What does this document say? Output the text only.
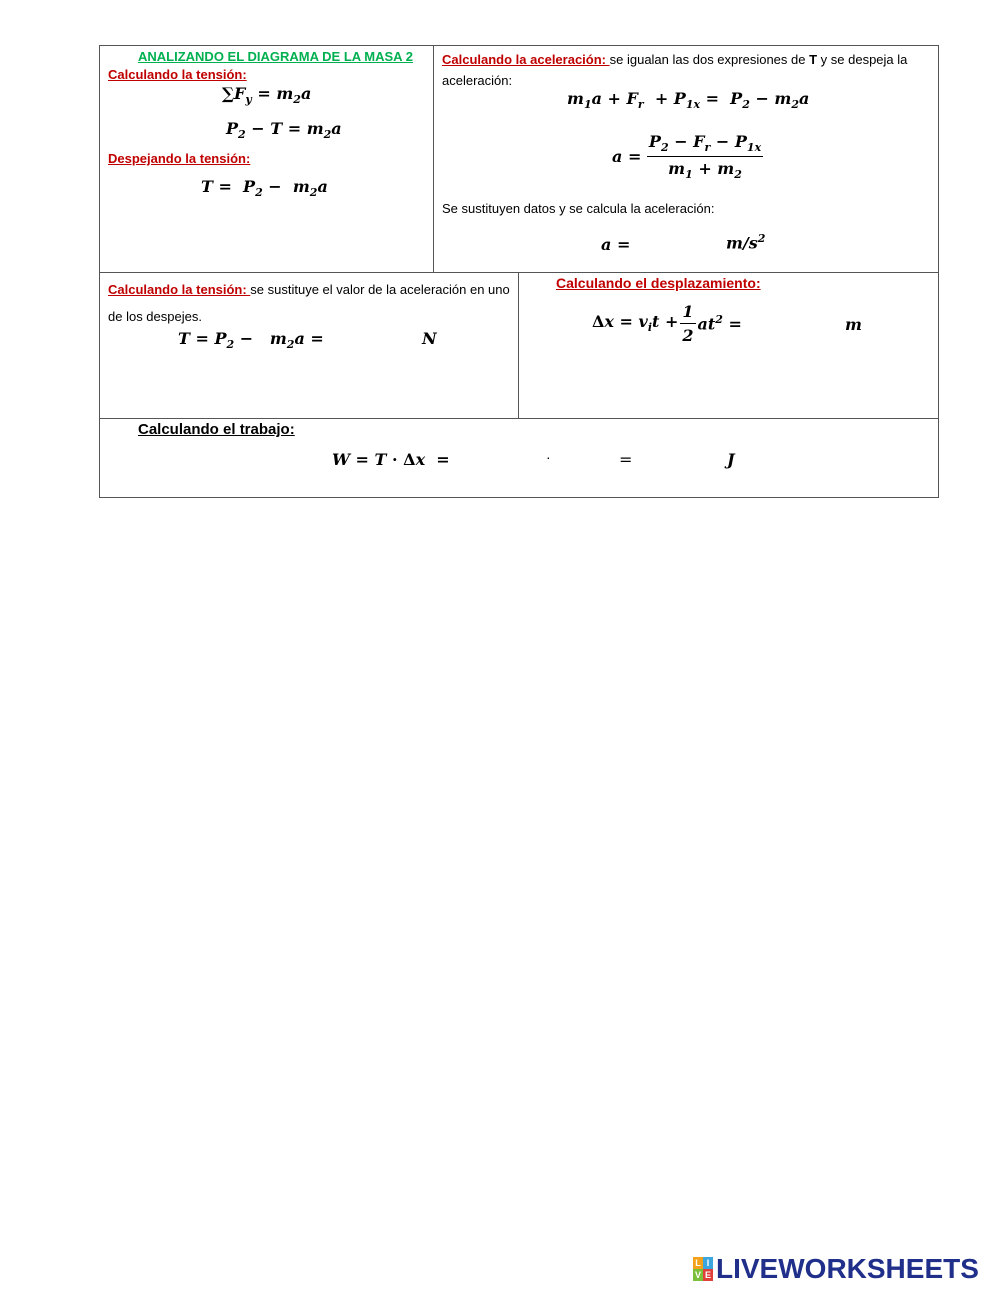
ANALIZANDO EL DIAGRAMA DE LA MASA 2
Calculando la tensión:
$\sum F_y = m_2a$
$P_2 - T = m_2a$
Despejando la tensión:
$T = P_2 - m_2a$
Calculando la aceleración: se igualan las dos expresiones de T y se despeja la
aceleración:
$m_1a + F_r + P_{1x} = P_2 - m_2a$
$a = \frac{P_2 - F_r - P_{1x}}{m_1 + m_2}$
Se sustituyen datos y se calcula la aceleración:
a =	$m/s^2$
Calculando la tensión: se sustituye el valor de la aceleración en uno
de los despejes.
$T = P_2 - m_2a$ =	N
Calculando el desplazamiento:
$\Delta x = v_it + \frac{1}{2} at^2$ =	m
Calculando el trabajo:
W = T · Δx  =	·	=	J
L I
V E LIVEWORKSHEETS
